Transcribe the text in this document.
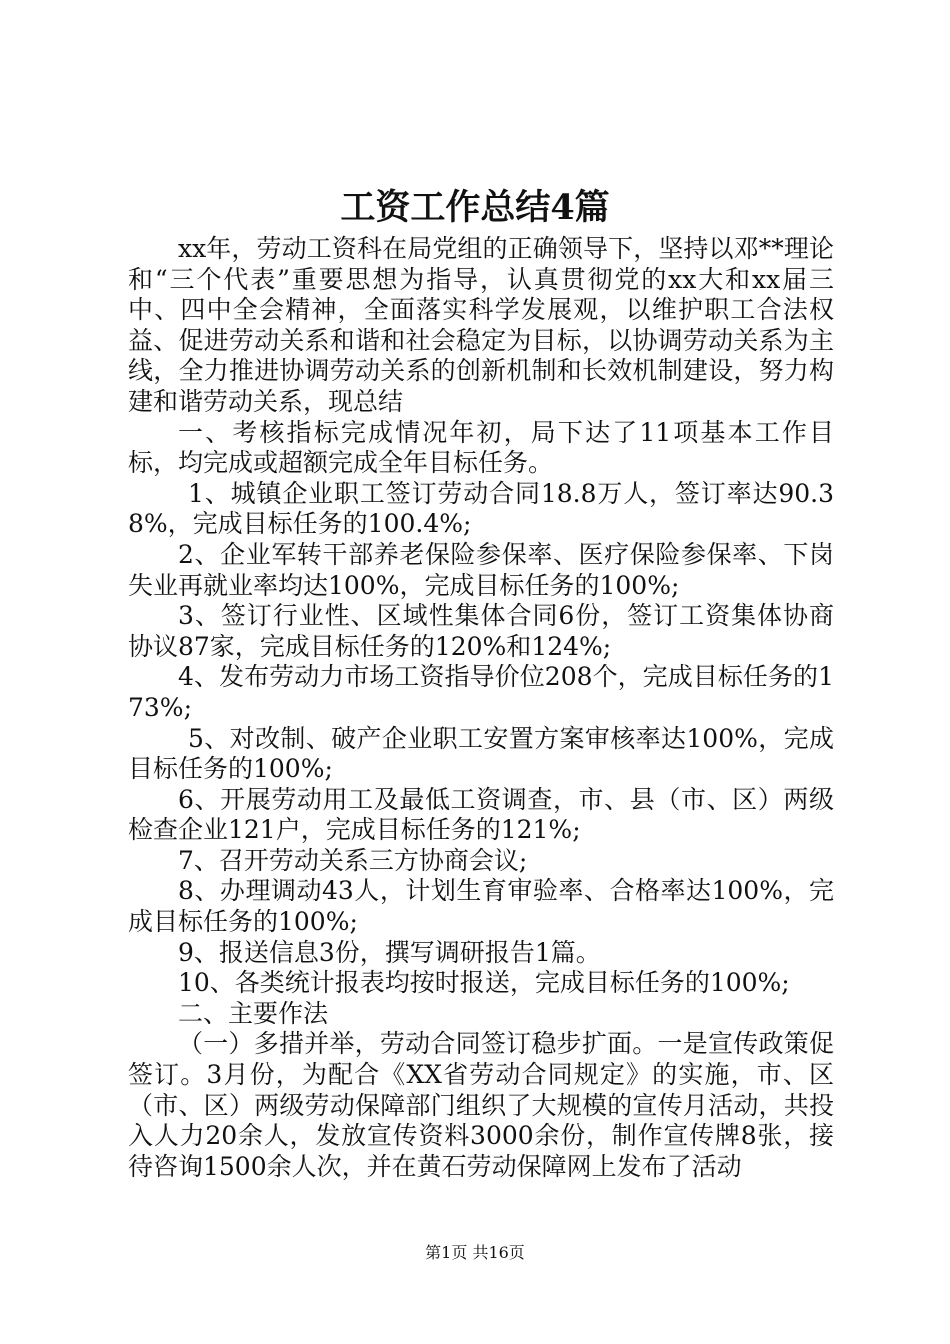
工资工作总结4篇

xx年，劳动工资科在局党组的正确领导下，坚持以邓**理论和“三个代表”重要思想为指导，认真贯彻党的xx大和xx届三中、四中全会精神，全面落实科学发展观，以维护职工合法权益、促进劳动关系和谐和社会稳定为目标，以协调劳动关系为主线，全力推进协调劳动关系的创新机制和长效机制建设，努力构建和谐劳动关系，现总结

一、考核指标完成情况年初，局下达了11项基本工作目标，均完成或超额完成全年目标任务。

1、城镇企业职工签订劳动合同18.8万人，签订率达90.38%，完成目标任务的100.4%;

2、企业军转干部养老保险参保率、医疗保险参保率、下岗失业再就业率均达100%，完成目标任务的100%;

3、签订行业性、区域性集体合同6份，签订工资集体协商协议87家，完成目标任务的120%和124%;

4、发布劳动力市场工资指导价位208个，完成目标任务的173%;

5、对改制、破产企业职工安置方案审核率达100%，完成目标任务的100%;

6、开展劳动用工及最低工资调查，市、县（市、区）两级检查企业121户，完成目标任务的121%;

7、召开劳动关系三方协商会议;

8、办理调动43人，计划生育审验率、合格率达100%，完成目标任务的100%;

9、报送信息3份，撰写调研报告1篇。

10、各类统计报表均按时报送，完成目标任务的100%;

二、主要作法

（一）多措并举，劳动合同签订稳步扩面。一是宣传政策促签订。3月份，为配合《XX省劳动合同规定》的实施，市、区（市、区）两级劳动保障部门组织了大规模的宣传月活动，共投入人力20余人，发放宣传资料3000余份，制作宣传牌8张，接待咨询1500余人次，并在黄石劳动保障网上发布了活动

第1页 共16页
